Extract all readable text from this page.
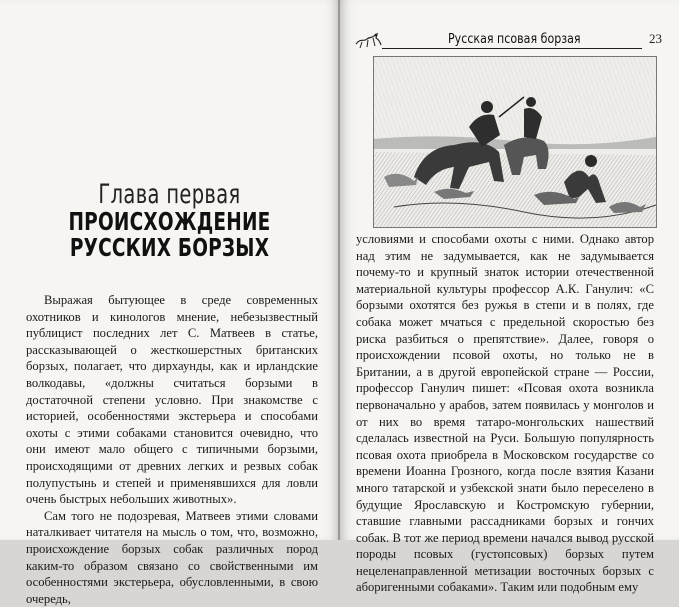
Глава первая
ПРОИСХОЖДЕНИЕ
РУССКИХ БОРЗЫХ

Выражая бытующее в среде современных охотников и кинологов мнение, небезызвестный публицист последних лет С. Матвеев в статье, рассказывающей о жесткошерстных британских борзых, полагает, что дирхаунды, как и ирландские волкодавы, «должны считаться борзыми в достаточной степени условно. При знакомстве с историей, особенностями экстерьера и способами охоты с этими собаками становится очевидно, что они имеют мало общего с типичными борзыми, происходящими от древних легких и резвых собак полупустынь и степей и применявшихся для ловли очень быстрых небольших животных».

Сам того не подозревая, Матвеев этими словами наталкивает читателя на мысль о том, что, возможно, происхождение борзых собак различных пород каким-то образом связано со свойственными им особенностями экстерьера, обусловленными, в свою очередь,

Русская псовая борзая	23

условиями и способами охоты с ними. Однако автор над этим не задумывается, как не задумывается почему-то и крупный знаток истории отечественной материальной культуры профессор А.К. Ганулич: «С борзыми охотятся без ружья в степи и в полях, где собака может мчаться с предельной скоростью без риска разбиться о препятствие». Далее, говоря о происхождении псовой охоты, но только не в Британии, а в другой европейской стране — России, профессор Ганулич пишет: «Псовая охота возникла первоначально у арабов, затем появилась у монголов и от них во время татаро-монгольских нашествий сделалась известной на Руси. Большую популярность псовая охота приобрела в Московском государстве со времени Иоанна Грозного, когда после взятия Казани много татарской и узбекской знати было переселено в будущие Ярославскую и Костромскую губернии, ставшие главными рассадниками борзых и гончих собак. В тот же период времени начался вывод русской породы псовых (густопсовых) борзых путем нецеленаправленной метизации восточных борзых с аборигенными собаками». Таким или подобным ему
